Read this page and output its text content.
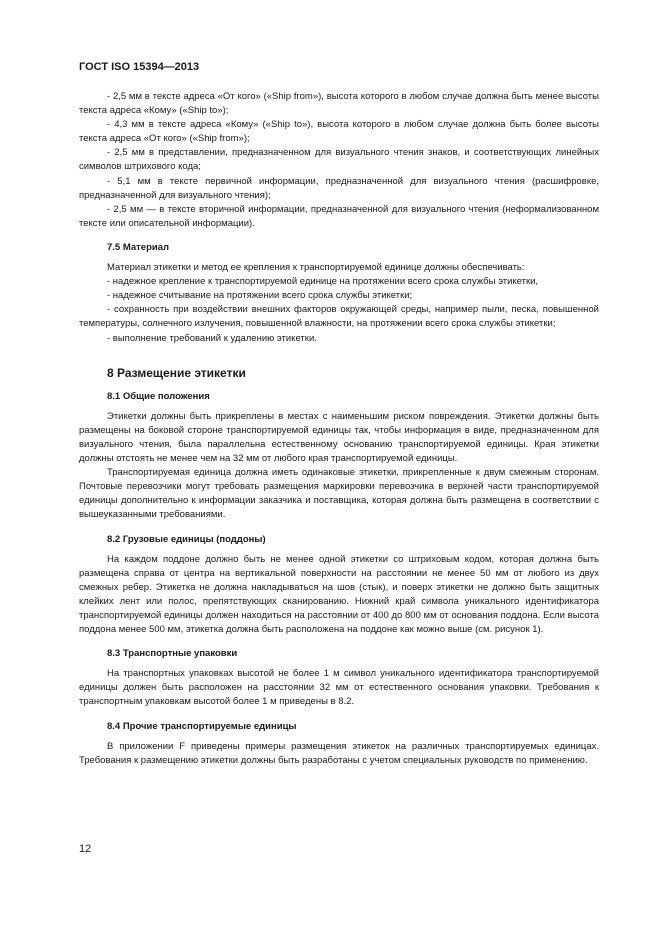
ГОСТ ISO 15394—2013

- 2,5 мм в тексте адреса «От кого» («Ship from»), высота которого в любом случае должна быть менее высоты текста адреса «Кому» («Ship to»);

- 4,3 мм в тексте адреса «Кому» («Ship to»), высота которого в любом случае должна быть более высоты текста адреса «От кого» («Ship from»);

- 2,5 мм в представлении, предназначенном для визуального чтения знаков, и соответствующих линейных символов штрихового кода;

- 5,1 мм в тексте первичной информации, предназначенной для визуального чтения (расшифровке, предназначенной для визуального чтения);

- 2,5 мм — в тексте вторичной информации, предназначенной для визуального чтения (неформализованном тексте или описательной информации).

7.5 Материал

Материал этикетки и метод ее крепления к транспортируемой единице должны обеспечивать:

- надежное крепление к транспортируемой единице на протяжении всего срока службы этикетки,

- надежное считывание на протяжении всего срока службы этикетки;

- сохранность при воздействии внешних факторов окружающей среды, например пыли, песка, повышенной температуры, солнечного излучения, повышенной влажности, на протяжении всего срока службы этикетки;

- выполнение требований к удалению этикетки.

8 Размещение этикетки
8.1 Общие положения

Этикетки должны быть прикреплены в местах с наименьшим риском повреждения. Этикетки должны быть размещены на боковой стороне транспортируемой единицы так, чтобы информация в виде, предназначенном для визуального чтения, была параллельна естественному основанию транспортируемой единицы. Края этикетки должны отстоять не менее чем на 32 мм от любого края транспортируемой единицы.

Транспортируемая единица должна иметь одинаковые этикетки, прикрепленные к двум смежным сторонам. Почтовые перевозчики могут требовать размещения маркировки перевозчика в верхней части транспортируемой единицы дополнительно к информации заказчика и поставщика, которая должна быть размещена в соответствии с вышеуказанными требованиями.

8.2 Грузовые единицы (поддоны)

На каждом поддоне должно быть не менее одной этикетки со штриховым кодом, которая должна быть размещена справа от центра на вертикальной поверхности на расстоянии не менее 50 мм от любого из двух смежных ребер. Этикетка не должна накладываться на шов (стык), и поверх этикетки не должно быть защитных клейких лент или полос, препятствующих сканированию. Нижний край символа уникального идентификатора транспортируемой единицы должен находиться на расстоянии от 400 до 800 мм от основания поддона. Если высота поддона менее 500 мм, этикетка должна быть расположена на поддоне как можно выше (см. рисунок 1).

8.3 Транспортные упаковки

На транспортных упаковках высотой не более 1 м символ уникального идентификатора транспортируемой единицы должен быть расположен на расстоянии 32 мм от естественного основания упаковки. Требования к транспортным упаковкам высотой более 1 м приведены в 8.2.

8.4 Прочие транспортируемые единицы

В приложении F приведены примеры размещения этикеток на различных транспортируемых единицах. Требования к размещению этикетки должны быть разработаны с учетом специальных руководств по применению.

12
